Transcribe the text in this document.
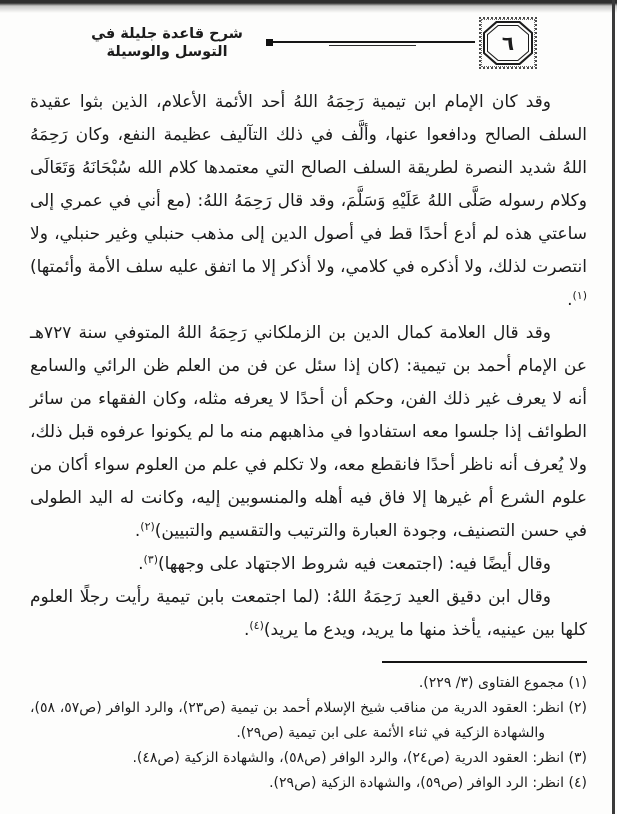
٦
شرح قاعدة جليلة في التوسل والوسيلة

وقد كان الإمام ابن تيمية رَحِمَهُ اللهُ أحد الأئمة الأعلام، الذين بثوا عقيدة السلف الصالح ودافعوا عنها، وألَّف في ذلك التآليف عظيمة النفع، وكان رَحِمَهُ اللهُ شديد النصرة لطريقة السلف الصالح التي معتمدها كلام الله سُبْحَانَهُ وَتَعَالَى وكلام رسوله صَلَّى اللهُ عَلَيْهِ وَسَلَّمَ، وقد قال رَحِمَهُ اللهُ: (مع أني في عمري إلى ساعتي هذه لم أدع أحدًا قط في أصول الدين إلى مذهب حنبلي وغير حنبلي، ولا انتصرت لذلك، ولا أذكره في كلامي، ولا أذكر إلا ما اتفق عليه سلف الأمة وأئمتها)$^{(١)}$.

وقد قال العلامة كمال الدين بن الزملكاني رَحِمَهُ اللهُ المتوفي سنة ٧٢٧هـ عن الإمام أحمد بن تيمية: (كان إذا سئل عن فن من العلم ظن الرائي والسامع أنه لا يعرف غير ذلك الفن، وحكم أن أحدًا لا يعرفه مثله، وكان الفقهاء من سائر الطوائف إذا جلسوا معه استفادوا في مذاهبهم منه ما لم يكونوا عرفوه قبل ذلك، ولا يُعرف أنه ناظر أحدًا فانقطع معه، ولا تكلم في علم من العلوم سواء أكان من علوم الشرع أم غيرها إلا فاق فيه أهله والمنسوبين إليه، وكانت له اليد الطولى في حسن التصنيف، وجودة العبارة والترتيب والتقسيم والتبيين)$^{(٢)}$.

وقال أيضًا فيه: (اجتمعت فيه شروط الاجتهاد على وجهها)$^{(٣)}$.

وقال ابن دقيق العيد رَحِمَهُ اللهُ: (لما اجتمعت بابن تيمية رأيت رجلًا العلوم كلها بين عينيه، يأخذ منها ما يريد، ويدع ما يريد)$^{(٤)}$.

(١) مجموع الفتاوى (٣/ ٢٢٩).

(٢) انظر: العقود الدرية من مناقب شيخ الإسلام أحمد بن تيمية (ص٢٣)، والرد الوافر (ص٥٧، ٥٨)، والشهادة الزكية في ثناء الأئمة على ابن تيمية (ص٢٩).

(٣) انظر: العقود الدرية (ص٢٤)، والرد الوافر (ص٥٨)، والشهادة الزكية (ص٤٨).

(٤) انظر: الرد الوافر (ص٥٩)، والشهادة الزكية (ص٢٩).
